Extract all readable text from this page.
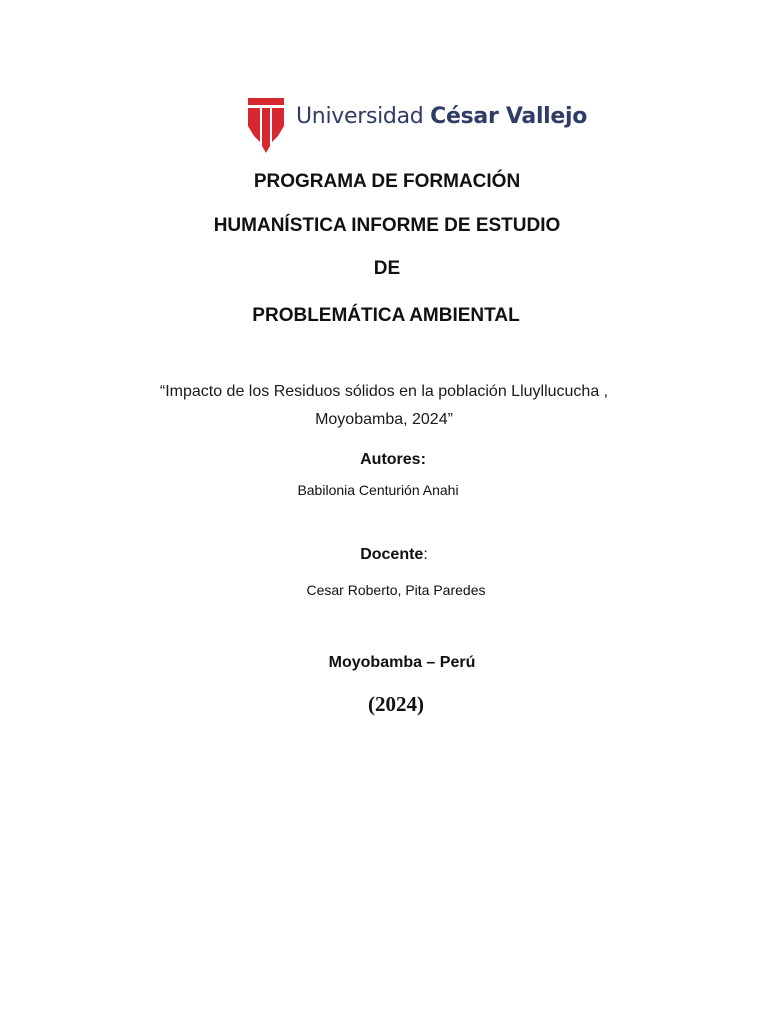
Universidad César Vallejo
PROGRAMA DE FORMACIÓN
HUMANÍSTICA INFORME DE ESTUDIO
DE
PROBLEMÁTICA AMBIENTAL
“Impacto de los Residuos sólidos en la población Lluyllucucha ,
Moyobamba, 2024”
Autores:
Babilonia Centurión Anahi
Docente:
Cesar Roberto, Pita Paredes
Moyobamba – Perú
(2024)
